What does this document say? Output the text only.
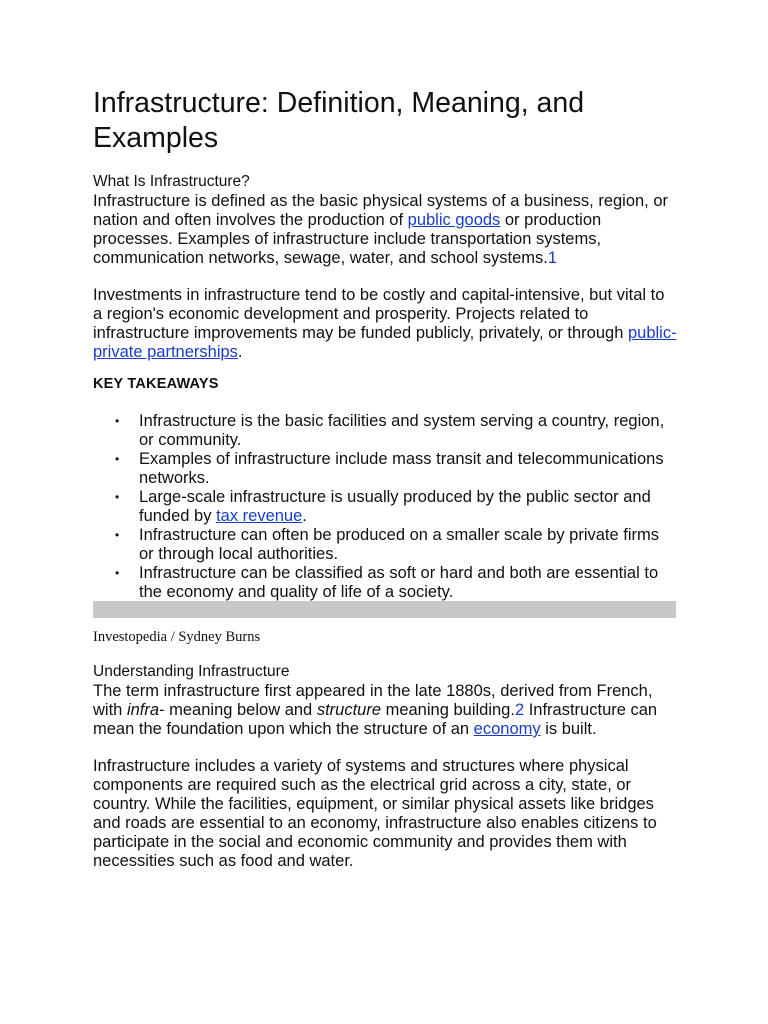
Infrastructure: Definition, Meaning, and Examples

What Is Infrastructure?

Infrastructure is defined as the basic physical systems of a business, region, or nation and often involves the production of public goods or production processes. Examples of infrastructure include transportation systems, communication networks, sewage, water, and school systems.1

Investments in infrastructure tend to be costly and capital-intensive, but vital to a region's economic development and prosperity. Projects related to infrastructure improvements may be funded publicly, privately, or through public-private partnerships.

KEY TAKEAWAYS
• Infrastructure is the basic facilities and system serving a country, region, or community.
• Examples of infrastructure include mass transit and telecommunications networks.
• Large-scale infrastructure is usually produced by the public sector and funded by tax revenue.
• Infrastructure can often be produced on a smaller scale by private firms or through local authorities.
• Infrastructure can be classified as soft or hard and both are essential to the economy and quality of life of a society.
Investopedia / Sydney Burns

Understanding Infrastructure

The term infrastructure first appeared in the late 1880s, derived from French, with infra- meaning below and structure meaning building.2 Infrastructure can mean the foundation upon which the structure of an economy is built.

Infrastructure includes a variety of systems and structures where physical components are required such as the electrical grid across a city, state, or country. While the facilities, equipment, or similar physical assets like bridges and roads are essential to an economy, infrastructure also enables citizens to participate in the social and economic community and provides them with necessities such as food and water.
